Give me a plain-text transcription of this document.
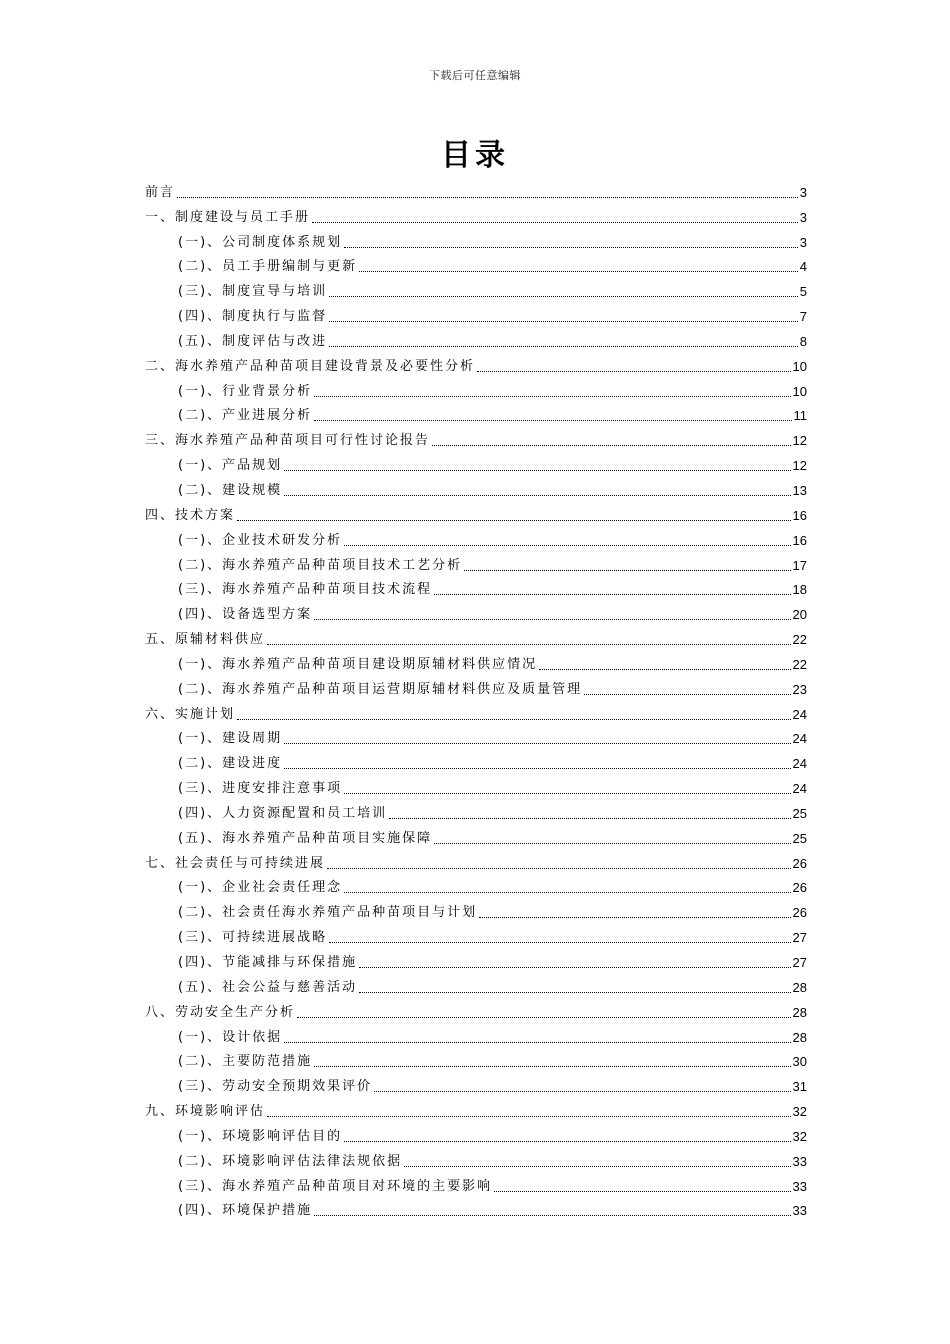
下载后可任意编辑
目录
前言	3
一、制度建设与员工手册	3
(一)、公司制度体系规划	3
(二)、员工手册编制与更新	4
(三)、制度宣导与培训	5
(四)、制度执行与监督	7
(五)、制度评估与改进	8
二、海水养殖产品种苗项目建设背景及必要性分析	10
(一)、行业背景分析	10
(二)、产业进展分析	11
三、海水养殖产品种苗项目可行性讨论报告	12
(一)、产品规划	12
(二)、建设规模	13
四、技术方案	16
(一)、企业技术研发分析	16
(二)、海水养殖产品种苗项目技术工艺分析	17
(三)、海水养殖产品种苗项目技术流程	18
(四)、设备选型方案	20
五、原辅材料供应	22
(一)、海水养殖产品种苗项目建设期原辅材料供应情况	22
(二)、海水养殖产品种苗项目运营期原辅材料供应及质量管理	23
六、实施计划	24
(一)、建设周期	24
(二)、建设进度	24
(三)、进度安排注意事项	24
(四)、人力资源配置和员工培训	25
(五)、海水养殖产品种苗项目实施保障	25
七、社会责任与可持续进展	26
(一)、企业社会责任理念	26
(二)、社会责任海水养殖产品种苗项目与计划	26
(三)、可持续进展战略	27
(四)、节能减排与环保措施	27
(五)、社会公益与慈善活动	28
八、劳动安全生产分析	28
(一)、设计依据	28
(二)、主要防范措施	30
(三)、劳动安全预期效果评价	31
九、环境影响评估	32
(一)、环境影响评估目的	32
(二)、环境影响评估法律法规依据	33
(三)、海水养殖产品种苗项目对环境的主要影响	33
(四)、环境保护措施	33
